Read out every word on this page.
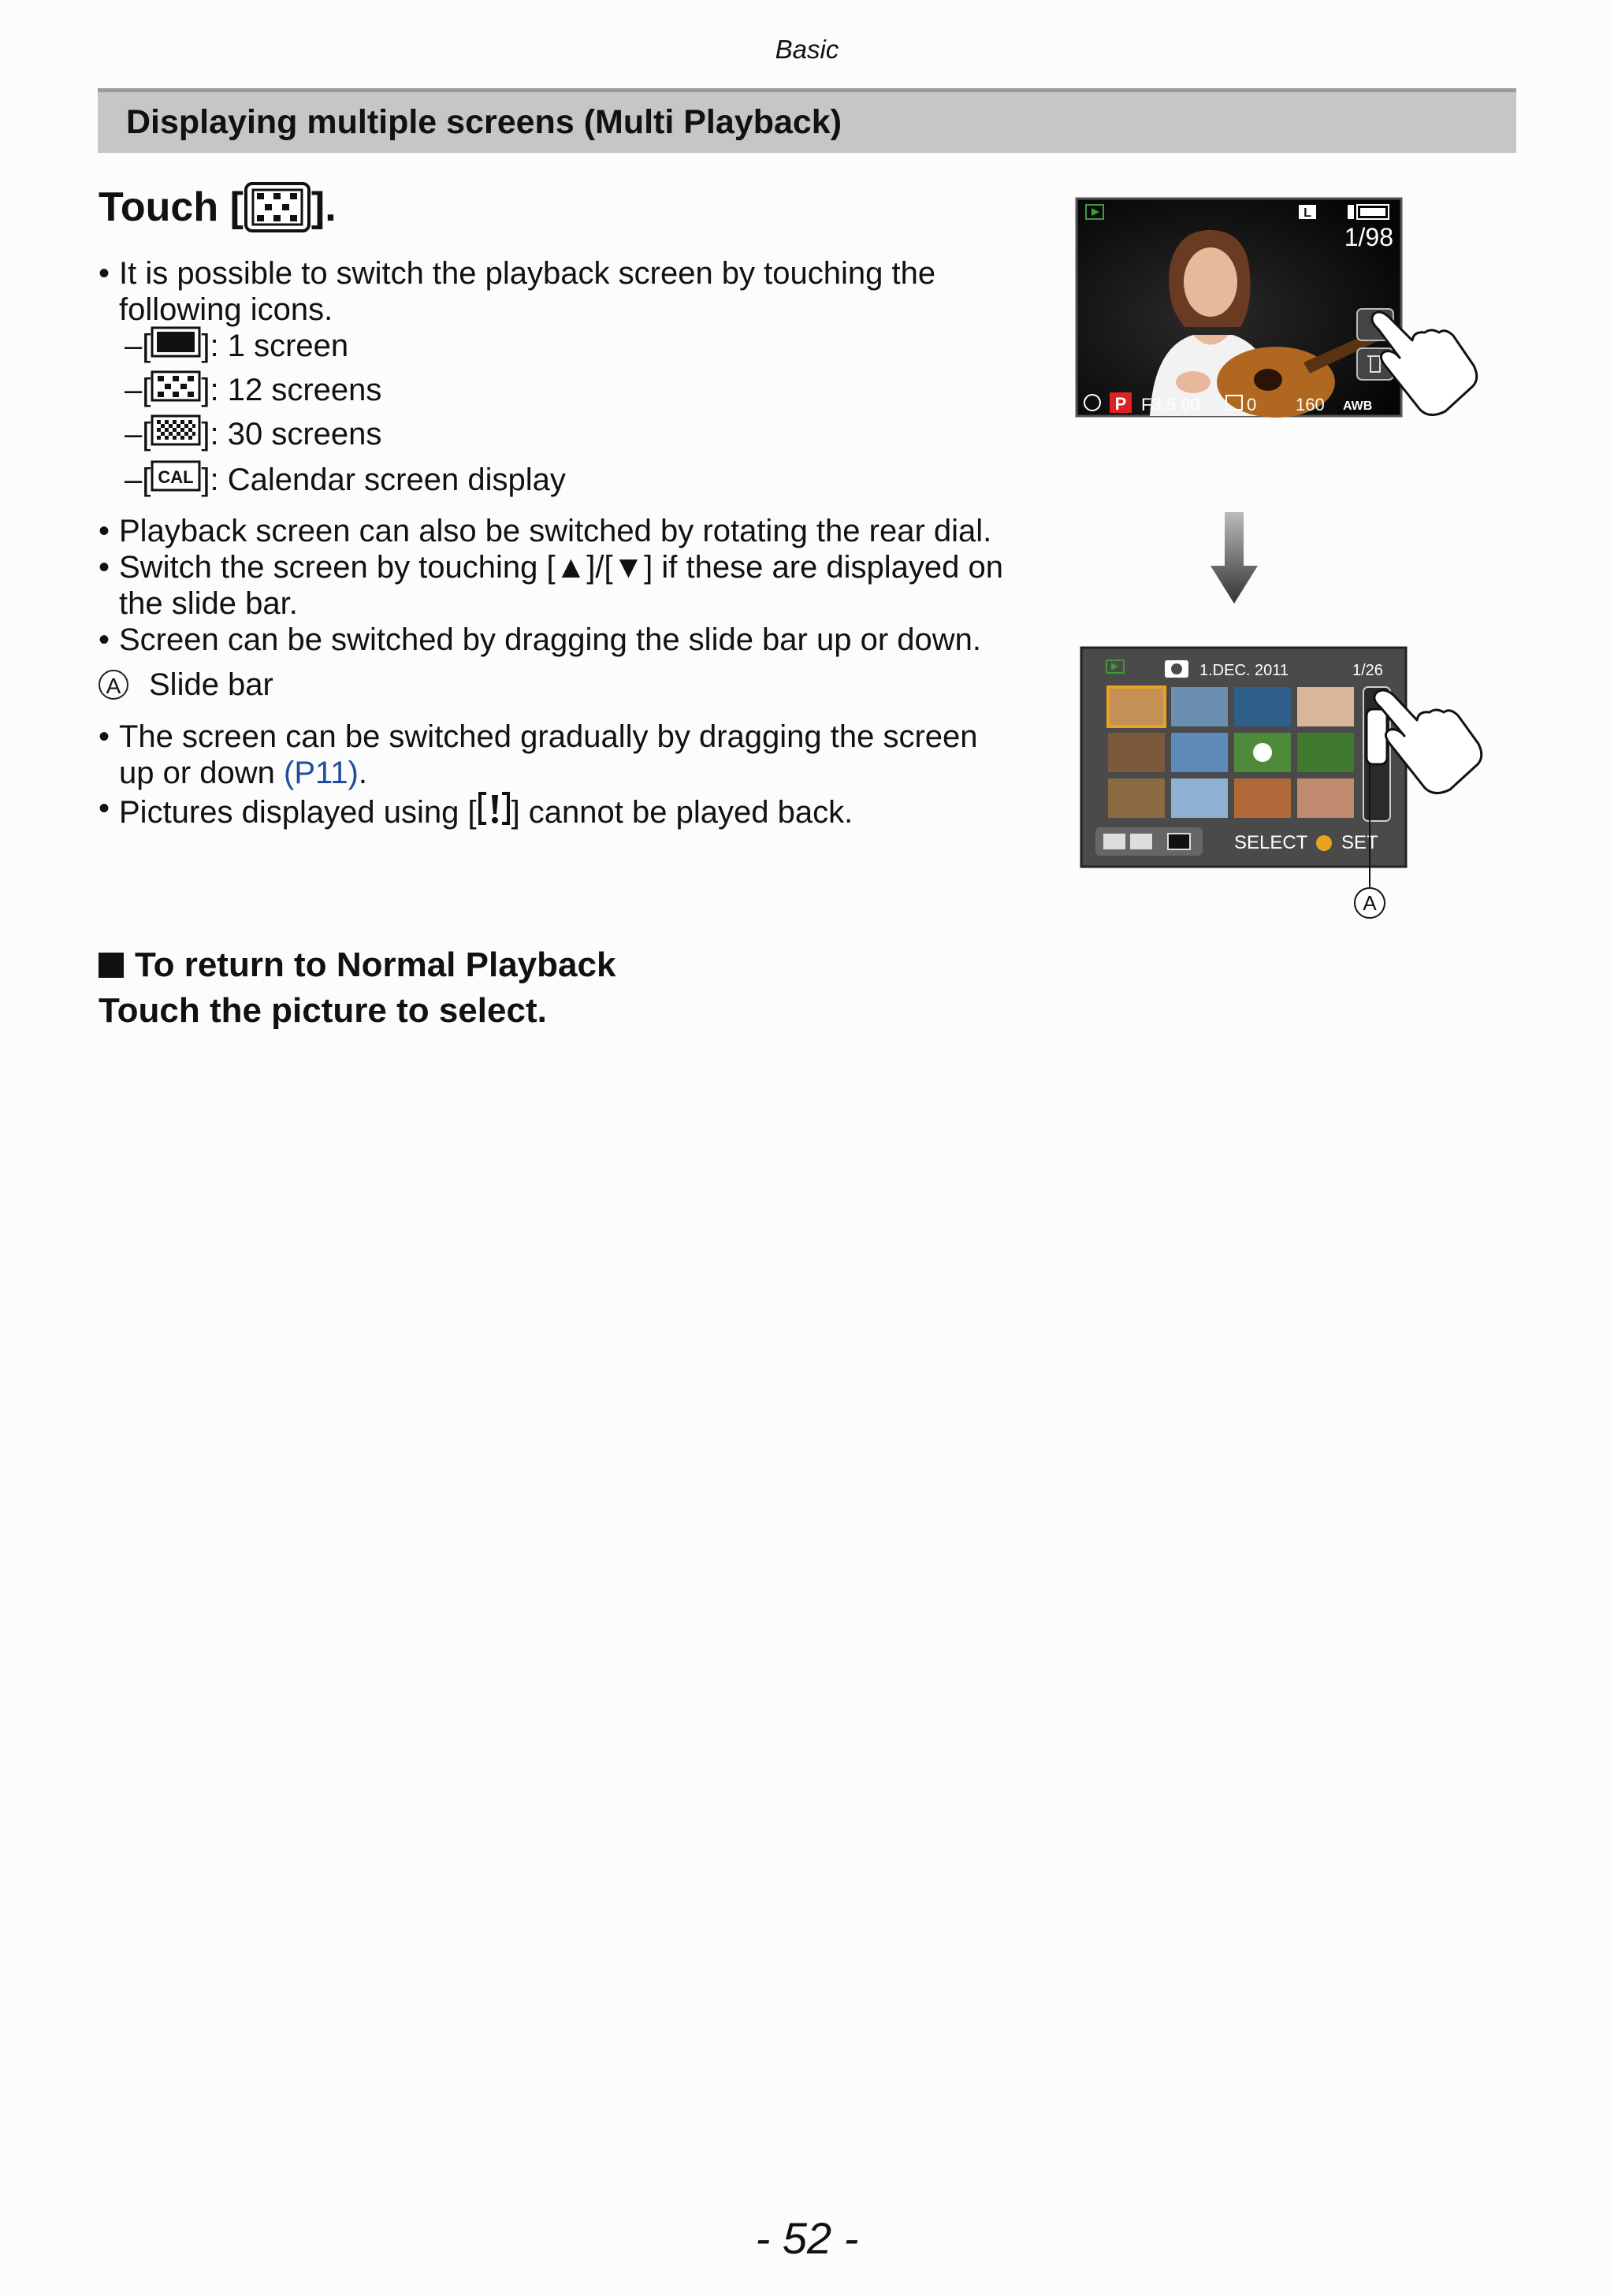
Basic
Displaying multiple screens (Multi Playback)
Touch [ ].
• It is possible to switch the playback screen by touching the
following icons.
–[ ] : 1 screen
–[ ] : 12 screens
–[ ] : 30 screens
–[ CAL ] : Calendar screen display
• Playback screen can also be switched by rotating the rear dial.
• Switch the screen by touching [▲]/[▼] if these are displayed on
the slide bar.
• Screen can be switched by dragging the slide bar up or down.
A Slide bar
• The screen can be switched gradually by dragging the screen
up or down (P11).
• Pictures displayed using [ ] cannot be played back.
To return to Normal Playback
Touch the picture to select.
L
1/98
P F3.5 60	0 160 AWB
1.DEC. 2011	1/26
SELECT SET
A
- 52 -
